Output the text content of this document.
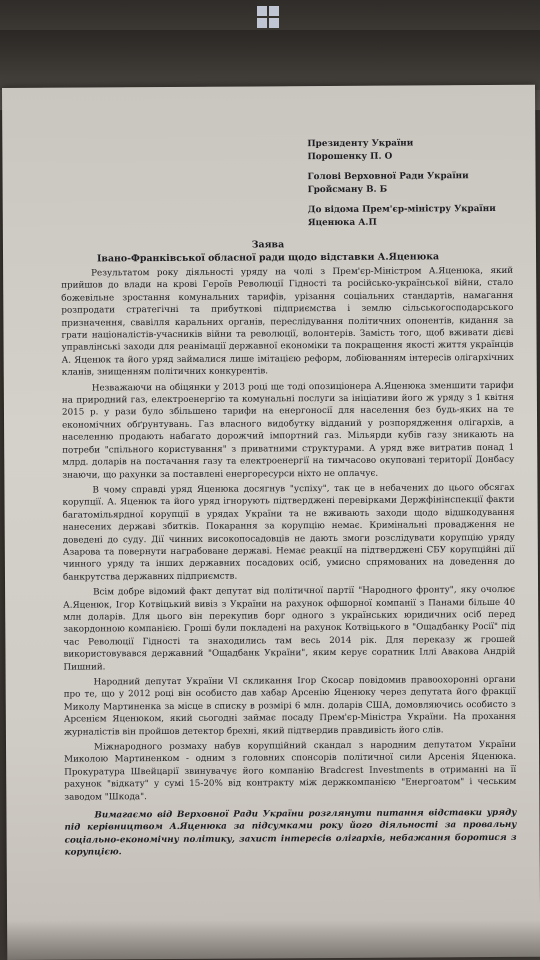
Президенту України

Порошенку П. О

Голові Верховної Ради України

Гройсману В. Б

До відома Прем'єр-міністру України

Яценюка А.П

Заява

Івано-Франківської обласної ради щодо відставки А.Яценюка

Результатом року діяльності уряду на чолі з Прем'єр-Міністром А.Яценюка, який прийшов до влади на крові Героїв Революції Гідності та російсько-української війни, стало божевільне зростання комунальних тарифів, урізання соціальних стандартів, намагання розпродати стратегічні та прибуткові підприємства і землю сільськогосподарського призначення, свавілля каральних органів, переслідування політичних опонентів, кидання за грати націоналістів-учасників війни та революції, волонтерів. Замість того, щоб вживати дієві управлінські заходи для реанімації державної економіки та покращення якості життя українців А. Яценюк та його уряд займалися лише імітацією реформ, лобіюванням інтересів олігархічних кланів, знищенням політичних конкурентів.

Незважаючи на обіцянки у 2013 році ще тоді опозиціонера А.Яценюка зменшити тарифи на природний газ, електроенергію та комунальні послуги за ініціативи його ж уряду з 1 квітня 2015 р. у рази було збільшено тарифи на енергоносії для населення без будь-яких на те економічних обґрунтувань. Газ власного видобутку відданий у розпорядження олігархів, а населенню продають набагато дорожчий імпортний газ. Мільярди кубів газу зникають на потреби "спільного користування" з приватними структурами. А уряд вже витратив понад 1 млрд. доларів на постачання газу та електроенергії на тимчасово окуповані території Донбасу знаючи, що рахунки за поставлені енергоресурси ніхто не оплачує.

В чому справді уряд Яценюка досягнув "успіху", так це в небачених до цього обсягах корупції. А. Яценюк та його уряд ігнорують підтверджені перевірками Держфінінспекції факти багатомільярдної корупції в урядах України та не вживають заходи щодо відшкодування нанесених державі збитків. Покарання за корупцію немає. Кримінальні провадження не доведені до суду. Дії чинних високопосадовців не дають змоги розслідувати корупцію уряду Азарова та повернути награбоване державі. Немає реакції на підтверджені СБУ корупційні дії чинного уряду та інших державних посадових осіб, умисно спрямованих на доведення до банкрутства державних підприємств.

Всім добре відомий факт депутат від політичної партії "Народного фронту", яку очолює А.Яценюк, Ігор Котвіцький вивіз з України на рахунок офшорної компанії з Панами більше 40 млн доларів. Для цього він перекупив борг одного з українських юридичних осіб перед закордонною компанією. Гроші були покладені на рахунок Котвіцького в "Ощадбанку Росії" під час Революції Гідності та знаходились там весь 2014 рік. Для переказу ж грошей використовувався державний "Ощадбанк України", яким керує соратник Іллі Авакова Андрій Пишний.

Народний депутат України VI скликання Ігор Скосар повідомив правоохоронні органи про те, що у 2012 році він особисто дав хабар Арсенію Яценюку через депутата його фракції Миколу Мартиненка за місце в списку в розмірі 6 млн. доларів США, домовляючись особисто з Арсенієм Яценюком, який сьогодні займає посаду Прем'єр-Міністра України. На прохання журналістів він пройшов детектор брехні, який підтвердив правдивість його слів.

Міжнародного розмаху набув корупційний скандал з народним депутатом України Миколою Мартиненком - одним з головних спонсорів політичної сили Арсенія Яценюка. Прокуратура Швейцарії звинувачує його компанію Bradcrest Investments в отриманні на її рахунок "відкату" у сумі 15-20% від контракту між держкомпанією "Енергоатом" і чеським заводом "Шкода".

Вимагаємо від Верховної Ради України розглянути питання відставки уряду під керівництвом А.Яценюка за підсумками року його діяльності за провальну соціально-економічну політику, захист інтересів олігархів, небажання боротися з корупцією.
